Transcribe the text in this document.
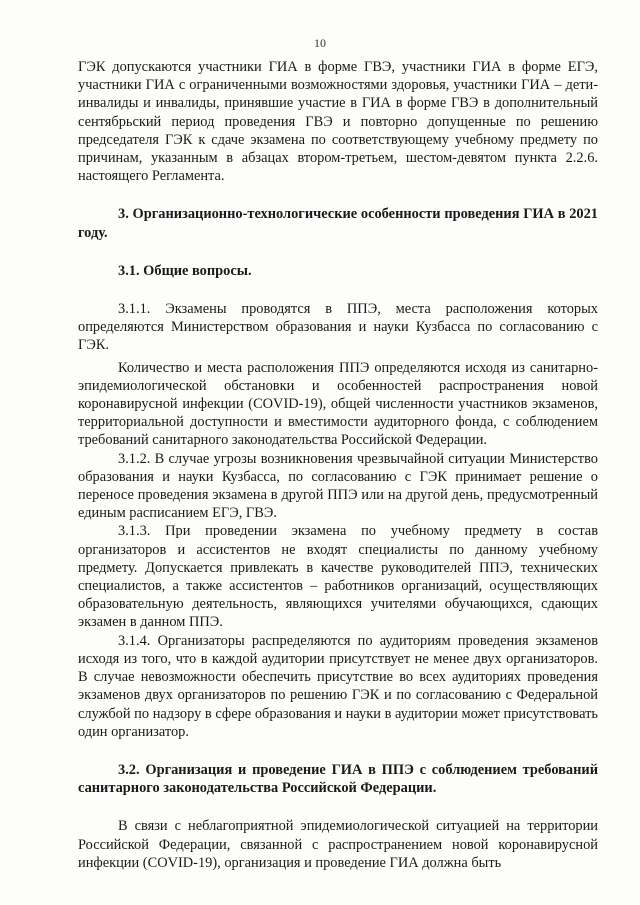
10

ГЭК допускаются участники ГИА в форме ГВЭ, участники ГИА в форме ЕГЭ, участники ГИА с ограниченными возможностями здоровья, участники ГИА – дети-инвалиды и инвалиды, принявшие участие в ГИА в форме ГВЭ в дополнительный сентябрьский период проведения ГВЭ и повторно допущенные по решению председателя ГЭК к сдаче экзамена по соответствующему учебному предмету по причинам, указанным в абзацах втором-третьем, шестом-девятом пункта 2.2.6. настоящего Регламента.

3. Организационно-технологические особенности проведения ГИА в 2021 году.

3.1. Общие вопросы.

3.1.1. Экзамены проводятся в ППЭ, места расположения которых определяются Министерством образования и науки Кузбасса по согласованию с ГЭК.

Количество и места расположения ППЭ определяются исходя из санитарно-эпидемиологической обстановки и особенностей распространения новой коронавирусной инфекции (COVID-19), общей численности участников экзаменов, территориальной доступности и вместимости аудиторного фонда, с соблюдением требований санитарного законодательства Российской Федерации.

3.1.2. В случае угрозы возникновения чрезвычайной ситуации Министерство образования и науки Кузбасса, по согласованию с ГЭК принимает решение о переносе проведения экзамена в другой ППЭ или на другой день, предусмотренный единым расписанием ЕГЭ, ГВЭ.

3.1.3. При проведении экзамена по учебному предмету в состав организаторов и ассистентов не входят специалисты по данному учебному предмету. Допускается привлекать в качестве руководителей ППЭ, технических специалистов, а также ассистентов – работников организаций, осуществляющих образовательную деятельность, являющихся учителями обучающихся, сдающих экзамен в данном ППЭ.

3.1.4. Организаторы распределяются по аудиториям проведения экзаменов исходя из того, что в каждой аудитории присутствует не менее двух организаторов. В случае невозможности обеспечить присутствие во всех аудиториях проведения экзаменов двух организаторов по решению ГЭК и по согласованию с Федеральной службой по надзору в сфере образования и науки в аудитории может присутствовать один организатор.

3.2. Организация и проведение ГИА в ППЭ с соблюдением требований санитарного законодательства Российской Федерации.

В связи с неблагоприятной эпидемиологической ситуацией на территории Российской Федерации, связанной с распространением новой коронавирусной инфекции (COVID-19), организация и проведение ГИА должна быть
